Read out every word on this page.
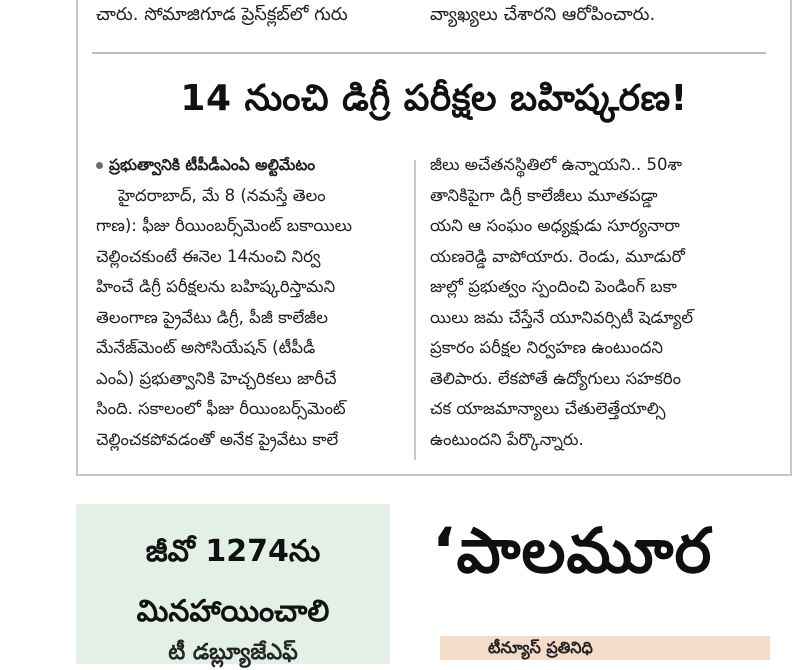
చారు. సోమాజిగూడ ప్రెస్‌క్లబ్‌లో గురు	వ్యాఖ్యలు చేశారని ఆరోపించారు.
14 నుంచి డిగ్రీ పరీక్షల బహిష్కరణ!
ప్రభుత్వానికి టీపీడీఎంఏ అల్టిమేటం
హైదరాబాద్, మే 8 (నమస్తే తెలం
గాణ): ఫీజు రీయింబర్స్‌మెంట్ బకాయిలు
చెల్లించకుంటే ఈనెల 14నుంచి నిర్వ
హించే డిగ్రీ పరీక్షలను బహిష్కరిస్తామని
తెలంగాణ ప్రైవేటు డిగ్రీ, పీజీ కాలేజీల
మేనేజ్‌మెంట్ అసోసియేషన్ (టీపీడీ
ఎంఏ) ప్రభుత్వానికి హెచ్చరికలు జారీచే
సింది. సకాలంలో ఫీజు రీయింబర్స్‌మెంట్
చెల్లించకపోవడంతో అనేక ప్రైవేటు కాలే
జీలు అచేతనస్థితిలో ఉన్నాయని.. 50శా
తానికిపైగా డిగ్రీ కాలేజీలు మూతపడ్డా
యని ఆ సంఘం అధ్యక్షుడు సూర్యనారా
యణరెడ్డి వాపోయారు. రెండు, మూడురో
జుల్లో ప్రభుత్వం స్పందించి పెండింగ్ బకా
యిలు జమ చేస్తేనే యూనివర్సిటీ షెడ్యూల్
ప్రకారం పరీక్షల నిర్వహణ ఉంటుందని
తెలిపారు. లేకపోతే ఉద్యోగులు సహకరిం
చక యాజమాన్యాలు చేతులెత్తేయాల్సి
ఉంటుందని పేర్కొన్నారు.
జీవో 1274ను
మినహాయించాలి
టీ డబ్ల్యూజేఎఫ్
‘పాలమూర
టీన్యూస్ ప్రతినిధి
